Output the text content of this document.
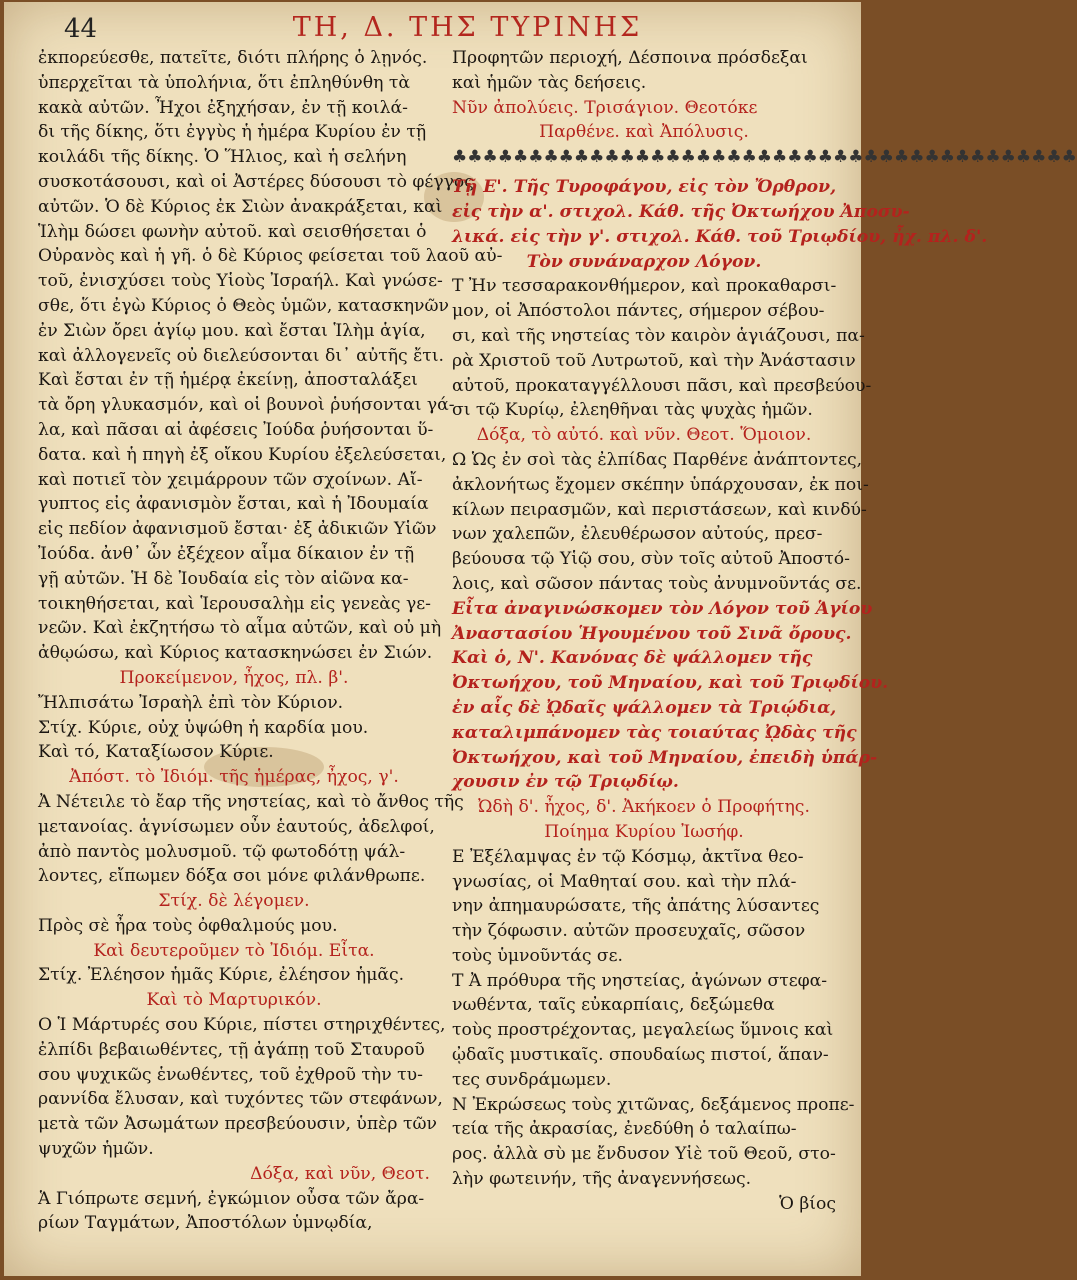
44	ΤΗ, Δ. ΤΗΣ ΤΥΡΙΝΗΣ
ἐκπορεύεσθε, πατεῖτε, διότι πλήρης ὁ λῃνός.
ὑπερχεῖται τὰ ὑπολήνια, ὅτι ἐπληθύνθη τὰ
κακὰ αὐτῶν. Ἦχοι ἐξηχήσαν, ἐν τῇ κοιλά-
δι τῆς δίκης, ὅτι ἐγγὺς ἡ ἡμέρα Κυρίου ἐν τῇ
κοιλάδι τῆς δίκης. Ὁ Ἥλιος, καὶ ἡ σελήνη
συσκοτάσουσι, καὶ οἱ Ἀστέρες δύσουσι τὸ φέγγος
αὐτῶν. Ὁ δὲ Κύριος ἐκ Σιὼν ἀνακράξεται, καὶ
Ἱλὴμ δώσει φωνὴν αὐτοῦ. καὶ σεισθήσεται ὁ
Οὐρανὸς καὶ ἡ γῆ. ὁ δὲ Κύριος φείσεται τοῦ λαοῦ αὐ-
τοῦ, ἐνισχύσει τοὺς Υἱοὺς Ἰσραήλ. Καὶ γνώσε-
σθε, ὅτι ἐγὼ Κύριος ὁ Θεὸς ὑμῶν, κατασκηνῶν
ἐν Σιὼν ὄρει ἁγίῳ μου. καὶ ἔσται Ἱλὴμ ἁγία,
καὶ ἀλλογενεῖς οὐ διελεύσονται δι᾿ αὐτῆς ἔτι.
Καὶ ἔσται ἐν τῇ ἡμέρᾳ ἐκείνῃ, ἀποσταλάξει
τὰ ὄρη γλυκασμόν, καὶ οἱ βουνοὶ ῥυήσονται γά-
λα, καὶ πᾶσαι αἱ ἀφέσεις Ἰούδα ῥυήσονται ὕ-
δατα. καὶ ἡ πηγὴ ἐξ οἴκου Κυρίου ἐξελεύσεται,
καὶ ποτιεῖ τὸν χειμάρρουν τῶν σχοίνων. Αἴ-
γυπτος εἰς ἀφανισμὸν ἔσται, καὶ ἡ Ἰδουμαία
εἰς πεδίον ἀφανισμοῦ ἔσται· ἐξ ἀδικιῶν Υἱῶν
Ἰούδα. ἀνθ᾿ ὧν ἐξέχεον αἷμα δίκαιον ἐν τῇ
γῇ αὐτῶν. Ἡ δὲ Ἰουδαία εἰς τὸν αἰῶνα κα-
τοικηθήσεται, καὶ Ἱερουσαλὴμ εἰς γενεὰς γε-
νεῶν. Καὶ ἐκζητήσω τὸ αἷμα αὐτῶν, καὶ οὐ μὴ
ἀθῳώσω, καὶ Κύριος κατασκηνώσει ἐν Σιών.
Προκείμενον, ἦχος, πλ. β'.
Ἤλπισάτω Ἰσραὴλ ἐπὶ τὸν Κύριον.
Στίχ. Κύριε, οὐχ ὑψώθη ἡ καρδία μου.
Καὶ τό, Καταξίωσον Κύριε.
Ἀπόστ. τὸ Ἰδιόμ. τῆς ἡμέρας, ἦχος, γ'.
Ἀ Νέτειλε τὸ ἔαρ τῆς νηστείας, καὶ τὸ ἄνθος τῆς
μετανοίας. ἁγνίσωμεν οὖν ἑαυτούς, ἀδελφοί,
ἀπὸ παντὸς μολυσμοῦ. τῷ φωτοδότῃ ψάλ-
λοντες, εἴπωμεν δόξα σοι μόνε φιλάνθρωπε.
Στίχ. δὲ λέγομεν.
Πρὸς σὲ ἦρα τοὺς ὀφθαλμούς μου.
Καὶ δευτεροῦμεν τὸ Ἰδιόμ. Εἶτα.
Στίχ. Ἐλέησον ἡμᾶς Κύριε, ἐλέησον ἡμᾶς.
Καὶ τὸ Μαρτυρικόν.
Ο Ἱ Μάρτυρές σου Κύριε, πίστει στηριχθέντες,
ἐλπίδι βεβαιωθέντες, τῇ ἀγάπῃ τοῦ Σταυροῦ
σου ψυχικῶς ἑνωθέντες, τοῦ ἐχθροῦ τὴν τυ-
ραννίδα ἔλυσαν, καὶ τυχόντες τῶν στεφάνων,
μετὰ τῶν Ἀσωμάτων πρεσβεύουσιν, ὑπὲρ τῶν
ψυχῶν ἡμῶν.
Δόξα, καὶ νῦν, Θεοτ.
Ἁ Γιόπρωτε σεμνή, ἐγκώμιον οὖσα τῶν ἄρα-
ρίων Ταγμάτων, Ἀποστόλων ὑμνῳδία,
Προφητῶν περιοχή, Δέσποινα πρόσδεξαι
καὶ ἡμῶν τὰς δεήσεις.
Νῦν ἀπολύεις. Τρισάγιον. Θεοτόκε
Παρθένε. καὶ Ἀπόλυσις.
♣♣♣♣♣♣♣♣♣♣♣♣♣♣♣♣♣♣♣♣♣♣♣♣♣♣♣♣♣♣♣♣♣♣♣♣♣♣♣♣♣
Τῇ Ε'. Τῆς Τυροφάγου, εἰς τὸν Ὄρθρον,
εἰς τὴν α'. στιχολ. Κάθ. τῆς Ὀκτωήχου Ἀποσυ-
λικά. εἰς τὴν γ'. στιχολ. Κάθ. τοῦ Τριῳδίου, ἦχ. πλ. δ'.
Τὸν συνάναρχον Λόγον.
Τ Ἠν τεσσαρακονθήμερον, καὶ προκαθαρσι-
μον, οἱ Ἀπόστολοι πάντες, σήμερον σέβου-
σι, καὶ τῆς νηστείας τὸν καιρὸν ἁγιάζουσι, πα-
ρὰ Χριστοῦ τοῦ Λυτρωτοῦ, καὶ τὴν Ἀνάστασιν
αὐτοῦ, προκαταγγέλλουσι πᾶσι, καὶ πρεσβεύου-
σι τῷ Κυρίῳ, ἐλεηθῆναι τὰς ψυχὰς ἡμῶν.
Δόξα, τὸ αὐτό. καὶ νῦν. Θεοτ. Ὅμοιον.
Ω Ὡς ἐν σοὶ τὰς ἐλπίδας Παρθένε ἀνάπτοντες,
ἀκλονήτως ἔχομεν σκέπην ὑπάρχουσαν, ἐκ ποι-
κίλων πειρασμῶν, καὶ περιστάσεων, καὶ κινδύ-
νων χαλεπῶν, ἐλευθέρωσον αὐτούς, πρεσ-
βεύουσα τῷ Υἱῷ σου, σὺν τοῖς αὐτοῦ Ἀποστό-
λοις, καὶ σῶσον πάντας τοὺς ἀνυμνοῦντάς σε.
Εἶτα ἀναγινώσκομεν τὸν Λόγον τοῦ Ἁγίου
Ἀναστασίου Ἡγουμένου τοῦ Σινᾶ ὄρους.
Καὶ ὁ, Ν'. Κανόνας δὲ ψάλλομεν τῆς
Ὀκτωήχου, τοῦ Μηναίου, καὶ τοῦ Τριῳδίου.
ἐν αἷς δὲ ᾨδαῖς ψάλλομεν τὰ Τριῴδια,
καταλιμπάνομεν τὰς τοιαύτας ᾨδὰς τῆς
Ὀκτωήχου, καὶ τοῦ Μηναίου, ἐπειδὴ ὑπάρ-
χουσιν ἐν τῷ Τριῳδίῳ.
Ὠδὴ δ'. ἦχος, δ'. Ἀκήκοεν ὁ Προφήτης.
Ποίημα Κυρίου Ἰωσήφ.
Ε Ἐξέλαμψας ἐν τῷ Κόσμῳ, ἀκτῖνα θεο-
γνωσίας, οἱ Μαθηταί σου. καὶ τὴν πλά-
νην ἀπημαυρώσατε, τῆς ἀπάτης λύσαντες
τὴν ζόφωσιν. αὐτῶν προσευχαῖς, σῶσον
τοὺς ὑμνοῦντάς σε.
Τ Ἀ πρόθυρα τῆς νηστείας, ἀγώνων στεφα-
νωθέντα, ταῖς εὐκαρπίαις, δεξώμεθα
τοὺς προστρέχοντας, μεγαλείως ὕμνοις καὶ
ᾠδαῖς μυστικαῖς. σπουδαίως πιστοί, ἅπαν-
τες συνδράμωμεν.
Ν Ἐκρώσεως τοὺς χιτῶνας, δεξάμενος προπε-
τεία τῆς ἀκρασίας, ἐνεδύθη ὁ ταλαίπω-
ρος. ἀλλὰ σὺ με ἔνδυσον Υἱὲ τοῦ Θεοῦ, στο-
λὴν φωτεινήν, τῆς ἀναγεννήσεως.
Ὁ βίος
